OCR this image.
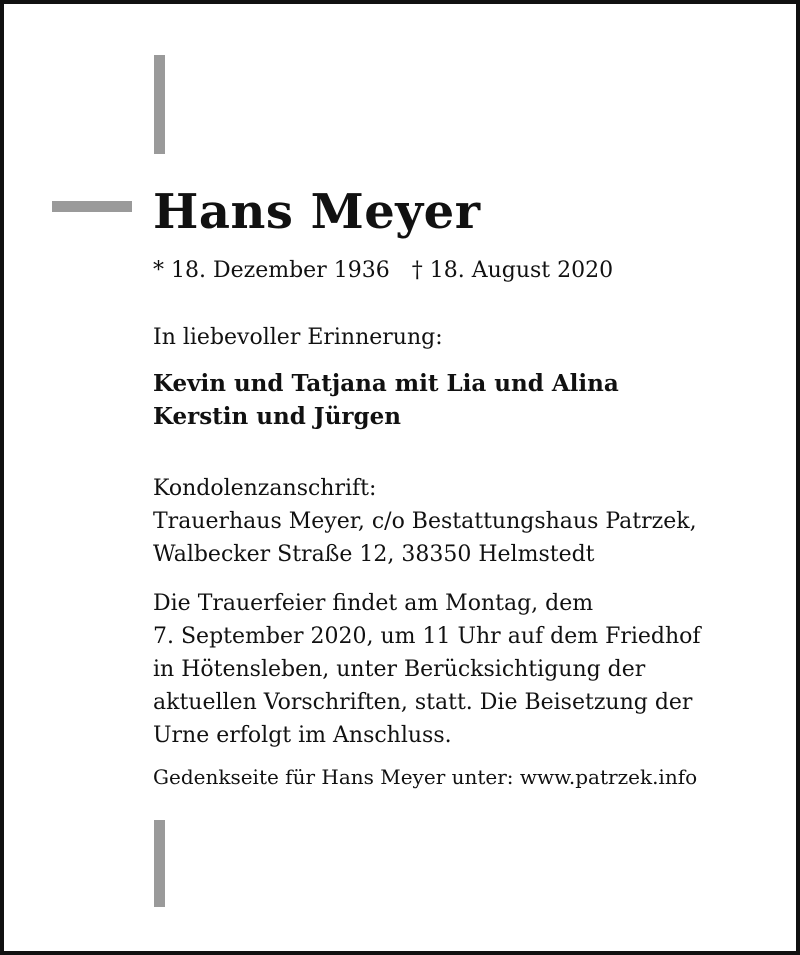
Hans Meyer
* 18. Dezember 1936 † 18. August 2020
In liebevoller Erinnerung:
Kevin und Tatjana mit Lia und Alina
Kerstin und Jürgen
Kondolenzanschrift:
Trauerhaus Meyer, c/o Bestattungshaus Patrzek,
Walbecker Straße 12, 38350 Helmstedt
Die Trauerfeier findet am Montag, dem
7. September 2020, um 11 Uhr auf dem Friedhof
in Hötensleben, unter Berücksichtigung der
aktuellen Vorschriften, statt. Die Beisetzung der
Urne erfolgt im Anschluss.
Gedenkseite für Hans Meyer unter: www.patrzek.info
